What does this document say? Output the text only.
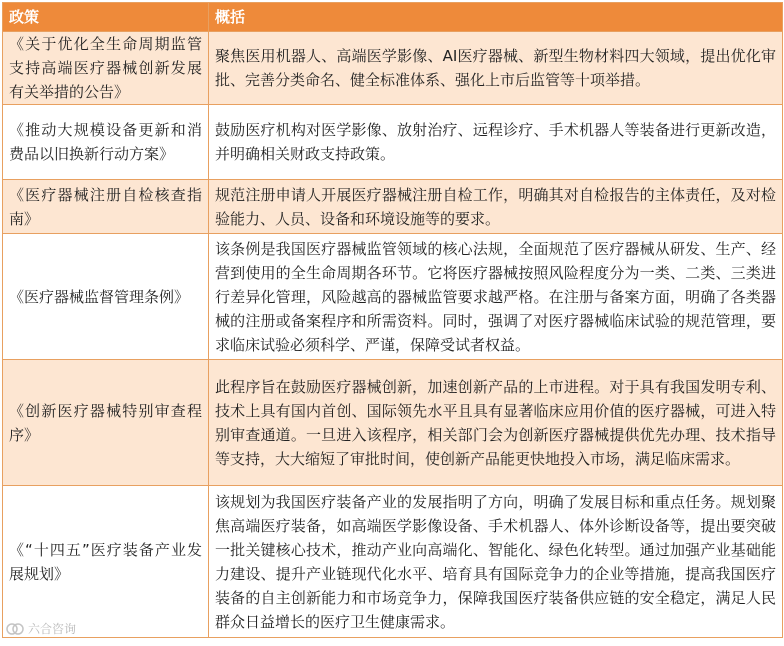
政策	概括
《关于优化全生命周期监管支持高端医疗器械创新发展有关举措的公告》	聚焦医用机器人、高端医学影像、AI医疗器械、新型生物材料四大领域，提出优化审批、完善分类命名、健全标准体系、强化上市后监管等十项举措。
《推动大规模设备更新和消费品以旧换新行动方案》	鼓励医疗机构对医学影像、放射治疗、远程诊疗、手术机器人等装备进行更新改造，并明确相关财政支持政策。
《医疗器械注册自检核查指南》	规范注册申请人开展医疗器械注册自检工作，明确其对自检报告的主体责任，及对检验能力、人员、设备和环境设施等的要求。
《医疗器械监督管理条例》	该条例是我国医疗器械监管领域的核心法规，全面规范了医疗器械从研发、生产、经营到使用的全生命周期各环节。它将医疗器械按照风险程度分为一类、二类、三类进行差异化管理，风险越高的器械监管要求越严格。在注册与备案方面，明确了各类器械的注册或备案程序和所需资料。同时，强调了对医疗器械临床试验的规范管理，要求临床试验必须科学、严谨，保障受试者权益。
《创新医疗器械特别审查程序》	此程序旨在鼓励医疗器械创新，加速创新产品的上市进程。对于具有我国发明专利、技术上具有国内首创、国际领先水平且具有显著临床应用价值的医疗器械，可进入特别审查通道。一旦进入该程序，相关部门会为创新医疗器械提供优先办理、技术指导等支持，大大缩短了审批时间，使创新产品能更快地投入市场，满足临床需求。
《“十四五”医疗装备产业发展规划》	该规划为我国医疗装备产业的发展指明了方向，明确了发展目标和重点任务。规划聚焦高端医疗装备，如高端医学影像设备、手术机器人、体外诊断设备等，提出要突破一批关键核心技术，推动产业向高端化、智能化、绿色化转型。通过加强产业基础能力建设、提升产业链现代化水平、培育具有国际竞争力的企业等措施，提高我国医疗装备的自主创新能力和市场竞争力，保障我国医疗装备供应链的安全稳定，满足人民群众日益增长的医疗卫生健康需求。
六合咨询
